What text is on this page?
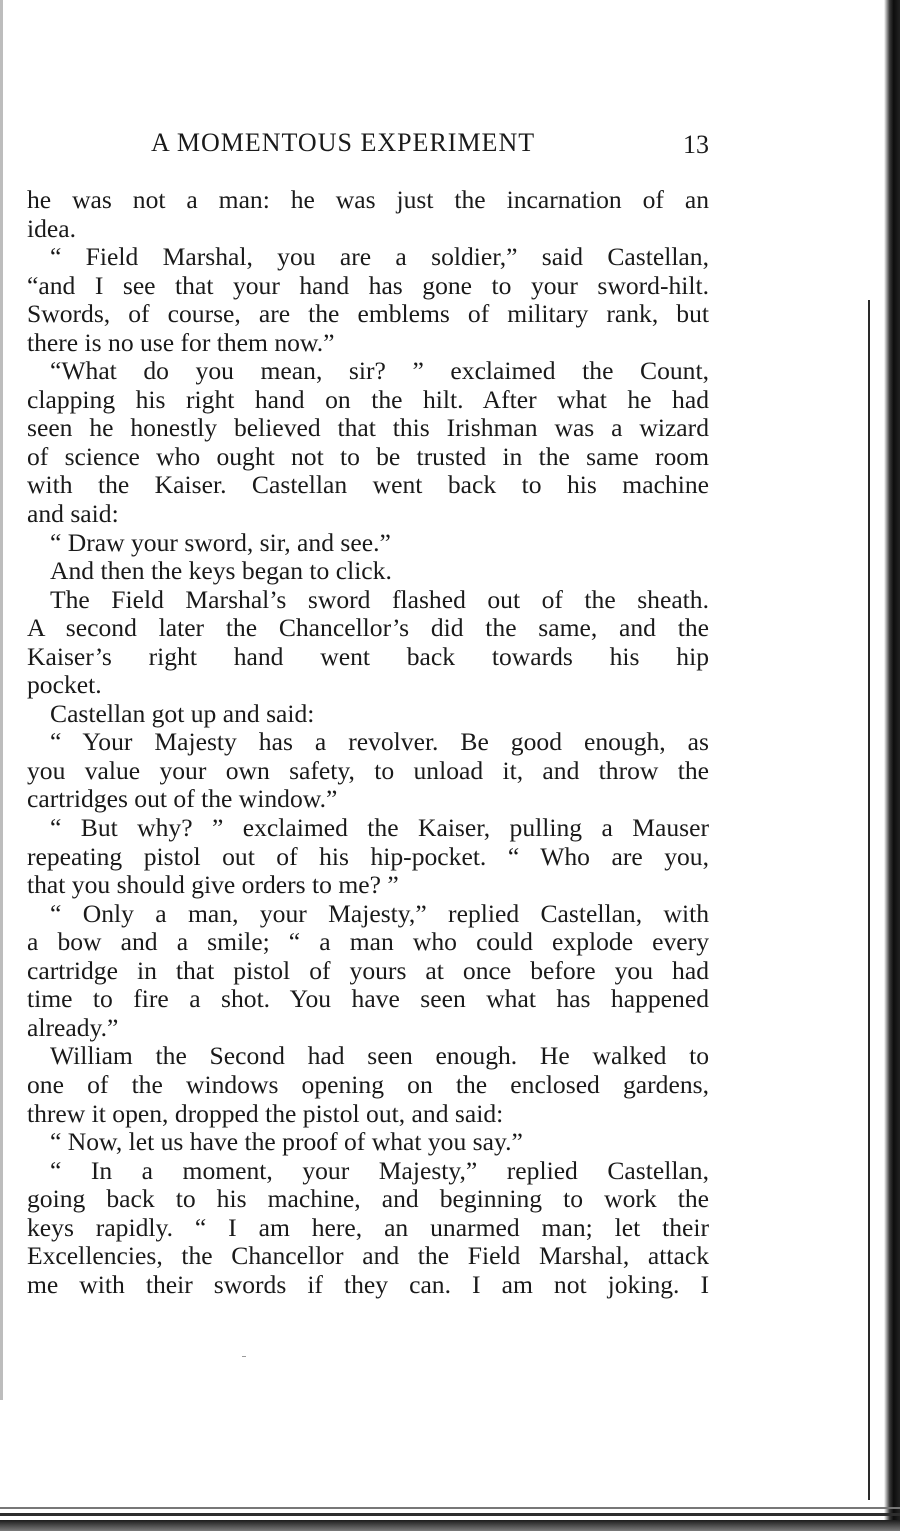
A MOMENTOUS EXPERIMENT	13
he was not a man: he was just the incarnation of an
idea.
“ Field Marshal, you are a soldier,” said Castellan,
“and I see that your hand has gone to your sword-hilt.
Swords, of course, are the emblems of military rank, but
there is no use for them now.”
“What do you mean, sir? ” exclaimed the Count,
clapping his right hand on the hilt. After what he had
seen he honestly believed that this Irishman was a wizard
of science who ought not to be trusted in the same room
with the Kaiser. Castellan went back to his machine
and said:
“ Draw your sword, sir, and see.”
And then the keys began to click.
The Field Marshal’s sword flashed out of the sheath.
A second later the Chancellor’s did the same, and the
Kaiser’s right hand went back towards his hip
pocket.
Castellan got up and said:
“ Your Majesty has a revolver. Be good enough, as
you value your own safety, to unload it, and throw the
cartridges out of the window.”
“ But why? ” exclaimed the Kaiser, pulling a Mauser
repeating pistol out of his hip-pocket. “ Who are you,
that you should give orders to me? ”
“ Only a man, your Majesty,” replied Castellan, with
a bow and a smile; “ a man who could explode every
cartridge in that pistol of yours at once before you had
time to fire a shot. You have seen what has happened
already.”
William the Second had seen enough. He walked to
one of the windows opening on the enclosed gardens,
threw it open, dropped the pistol out, and said:
“ Now, let us have the proof of what you say.”
“ In a moment, your Majesty,” replied Castellan,
going back to his machine, and beginning to work the
keys rapidly. “ I am here, an unarmed man; let their
Excellencies, the Chancellor and the Field Marshal, attack
me with their swords if they can. I am not joking. I
